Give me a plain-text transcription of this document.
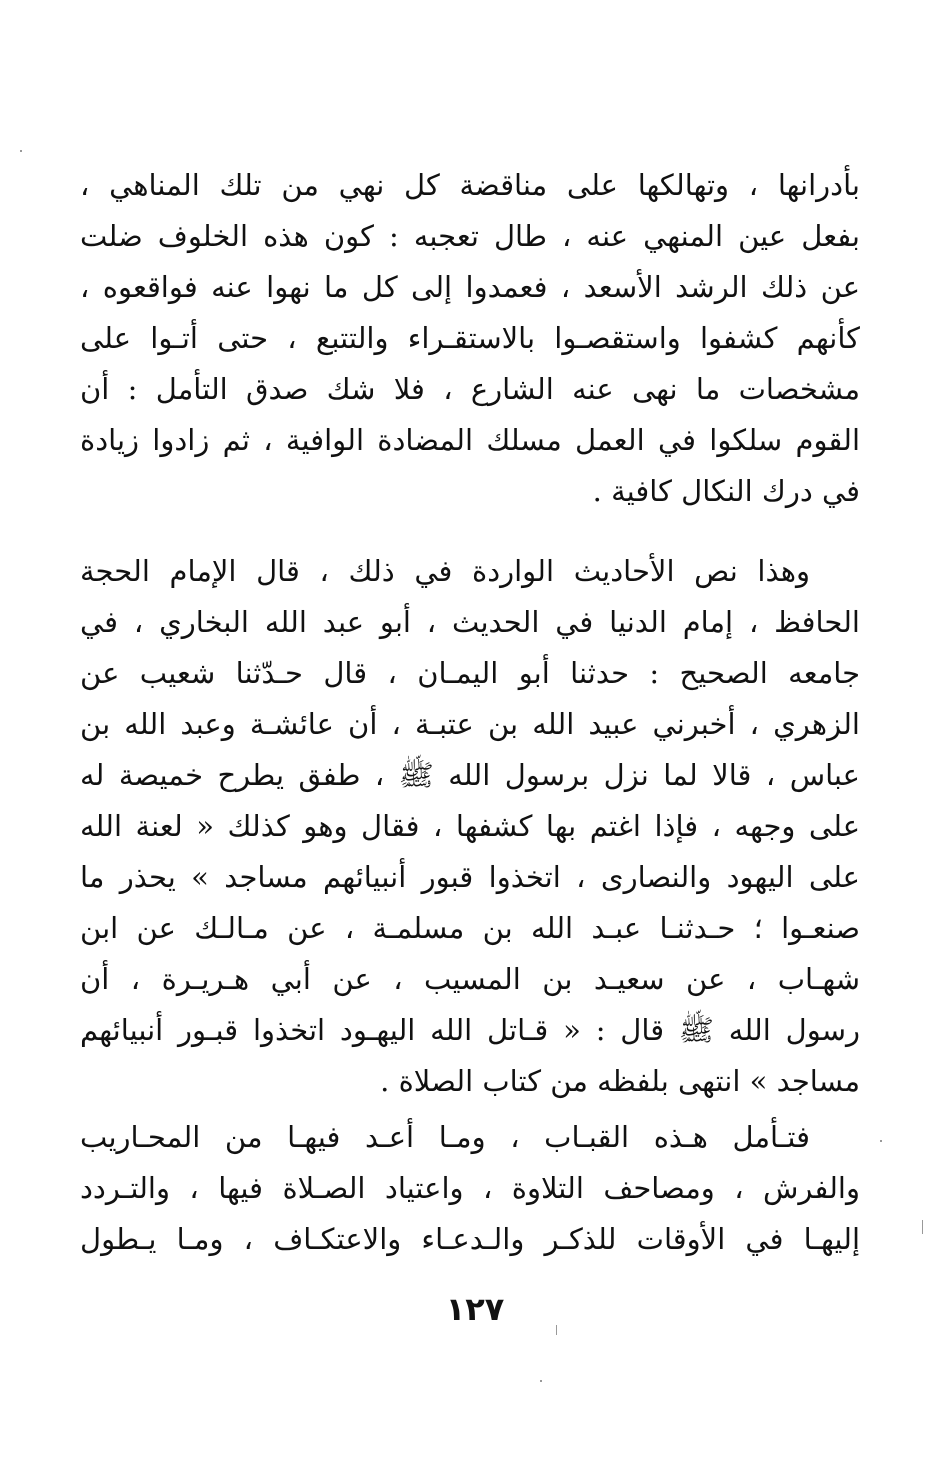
بأدرانها ، وتهالكها على مناقضة كل نهي من تلك المناهي ،
بفعل عين المنهي عنه ، طال تعجبه : كون هذه الخلوف ضلت
عن ذلك الرشد الأسعد ، فعمدوا إلى كل ما نهوا عنه فواقعوه ،
كأنهم كشفوا واستقصـوا بالاستقـراء والتتبع ، حتى أتـوا على
مشخصات ما نهى عنه الشارع ، فلا شك صدق التأمل : أن
القوم سلكوا في العمل مسلك المضادة الوافية ، ثم زادوا زيادة
في درك النكال كافية .
وهذا نص الأحاديث الواردة في ذلك ، قال الإمام الحجة
الحافظ ، إمام الدنيا في الحديث ، أبو عبد الله البخاري ، في
جامعه الصحيح : حدثنا أبو اليمـان ، قال حـدّثنا شعيب عن
الزهري ، أخبرني عبيد الله بن عتبـة ، أن عائشـة وعبد الله بن
عباس ، قالا لما نزل برسول الله ﷺ ، طفق يطرح خميصة له
على وجهه ، فإذا اغتم بها كشفها ، فقال وهو كذلك « لعنة الله
على اليهود والنصارى ، اتخذوا قبور أنبيائهم مساجد » يحذر ما
صنعـوا ؛ حـدثنـا عبـد الله بن مسلمـة ، عن مـالـك عن ابن
شهـاب ، عن سعيـد بن المسيب ، عن أبي هـريـرة ، أن
رسول الله ﷺ قال : « قـاتل الله اليهـود اتخذوا قبـور أنبيائهم
مساجد » انتهى بلفظه من كتاب الصلاة .
فتـأمل هـذه القبـاب ، ومـا أعـد فيهـا من المحـاريب
والفرش ، ومصاحف التلاوة ، واعتياد الصـلاة فيها ، والتـردد
إليهـا في الأوقات للذكـر والـدعـاء والاعتكـاف ، ومـا يـطول
١٢٧
